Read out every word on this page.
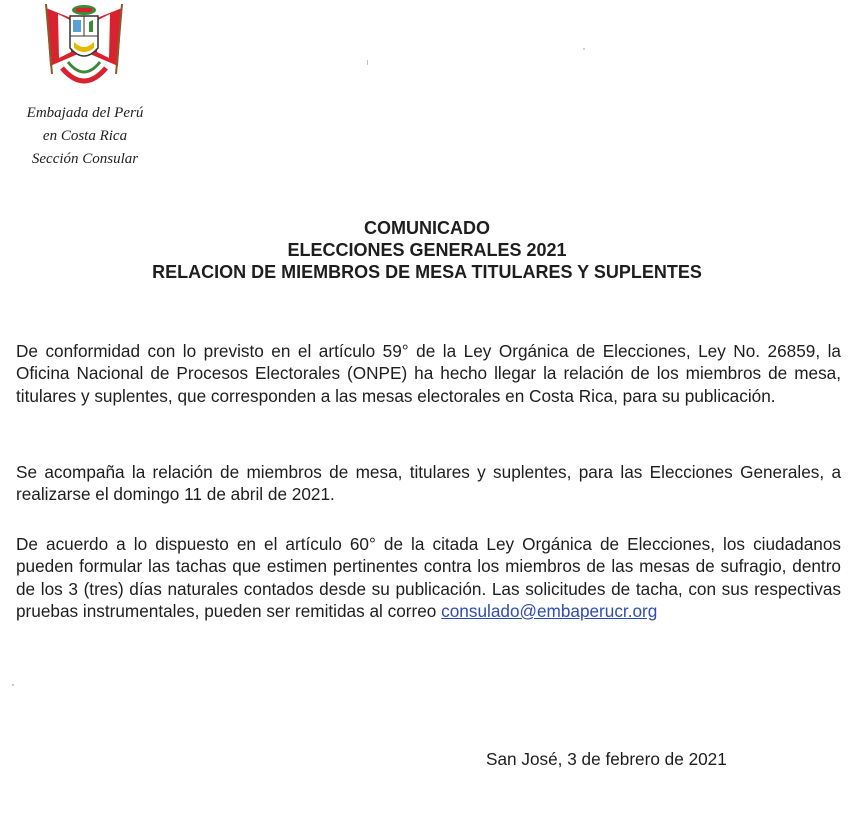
Embajada del Perú
en Costa Rica
Sección Consular
COMUNICADO
ELECCIONES GENERALES 2021
RELACION DE MIEMBROS DE MESA TITULARES Y SUPLENTES

De conformidad con lo previsto en el artículo 59° de la Ley Orgánica de Elecciones, Ley No. 26859, la Oficina Nacional de Procesos Electorales (ONPE) ha hecho llegar la relación de los miembros de mesa, titulares y suplentes, que corresponden a las mesas electorales en Costa Rica, para su publicación.

Se acompaña la relación de miembros de mesa, titulares y suplentes, para las Elecciones Generales, a realizarse el domingo 11 de abril de 2021.

De acuerdo a lo dispuesto en el artículo 60° de la citada Ley Orgánica de Elecciones, los ciudadanos pueden formular las tachas que estimen pertinentes contra los miembros de las mesas de sufragio, dentro de los 3 (tres) días naturales contados desde su publicación. Las solicitudes de tacha, con sus respectivas pruebas instrumentales, pueden ser remitidas al correo consulado@embaperucr.org

San José, 3 de febrero de 2021
